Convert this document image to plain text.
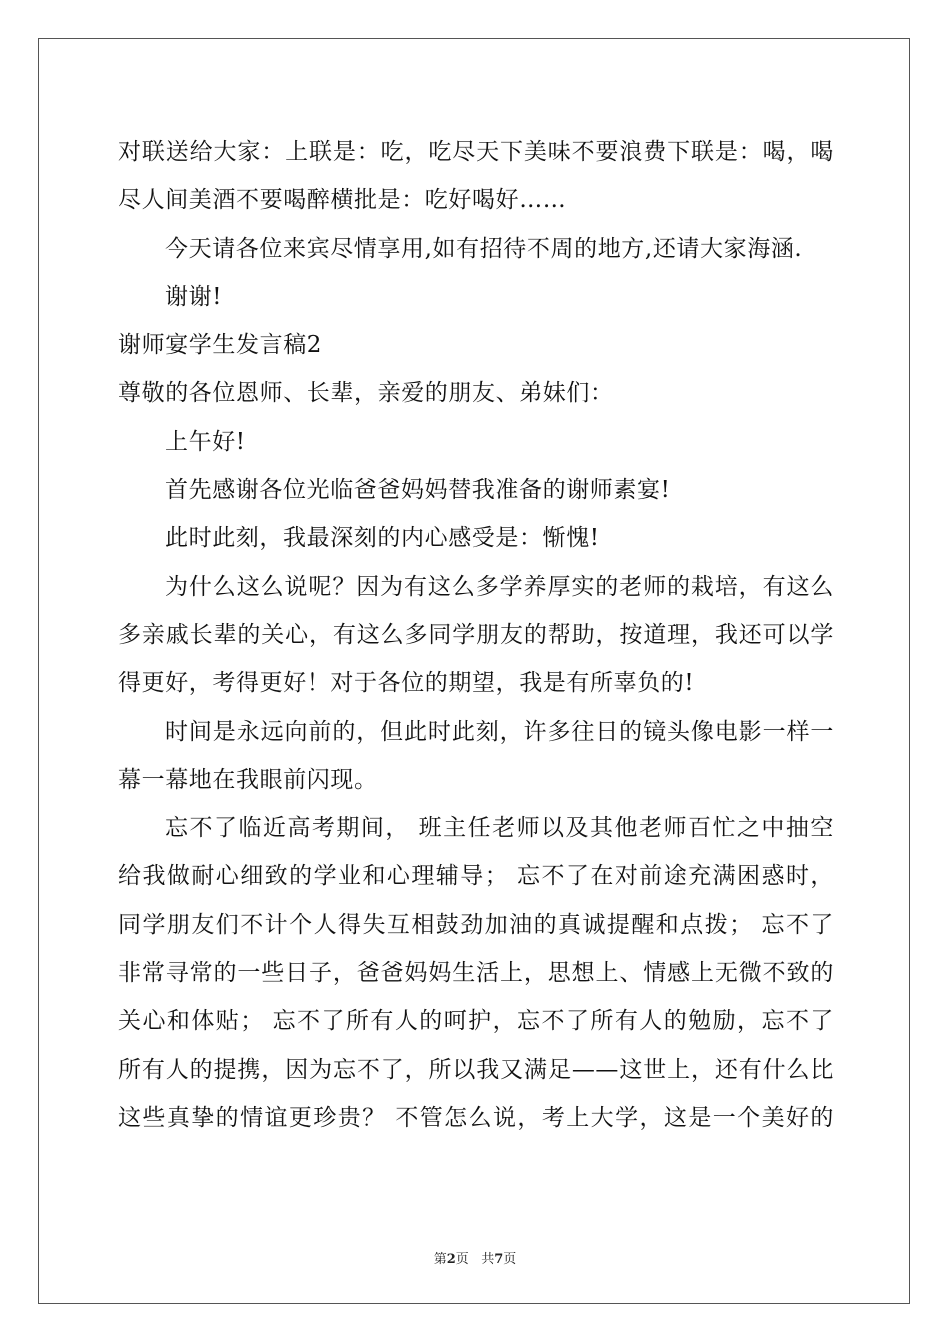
对联送给大家：上联是：吃，吃尽天下美味不要浪费下联是：喝，喝
尽人间美酒不要喝醉横批是：吃好喝好……
今天请各位来宾尽情享用,如有招待不周的地方,还请大家海涵.
谢谢!
谢师宴学生发言稿2
尊敬的各位恩师、长辈，亲爱的朋友、弟妹们：
上午好!
首先感谢各位光临爸爸妈妈替我准备的谢师素宴!
此时此刻，我最深刻的内心感受是：惭愧!
为什么这么说呢？因为有这么多学养厚实的老师的栽培，有这么
多亲戚长辈的关心，有这么多同学朋友的帮助，按道理，我还可以学
得更好，考得更好！对于各位的期望，我是有所辜负的!
时间是永远向前的，但此时此刻，许多往日的镜头像电影一样一
幕一幕地在我眼前闪现。
忘不了临近高考期间， 班主任老师以及其他老师百忙之中抽空
给我做耐心细致的学业和心理辅导； 忘不了在对前途充满困惑时，
同学朋友们不计个人得失互相鼓劲加油的真诚提醒和点拨； 忘不了
非常寻常的一些日子，爸爸妈妈生活上，思想上、情感上无微不致的
关心和体贴； 忘不了所有人的呵护，忘不了所有人的勉励，忘不了
所有人的提携，因为忘不了，所以我又满足——这世上，还有什么比
这些真挚的情谊更珍贵？ 不管怎么说，考上大学，这是一个美好的
第2页 共7页
